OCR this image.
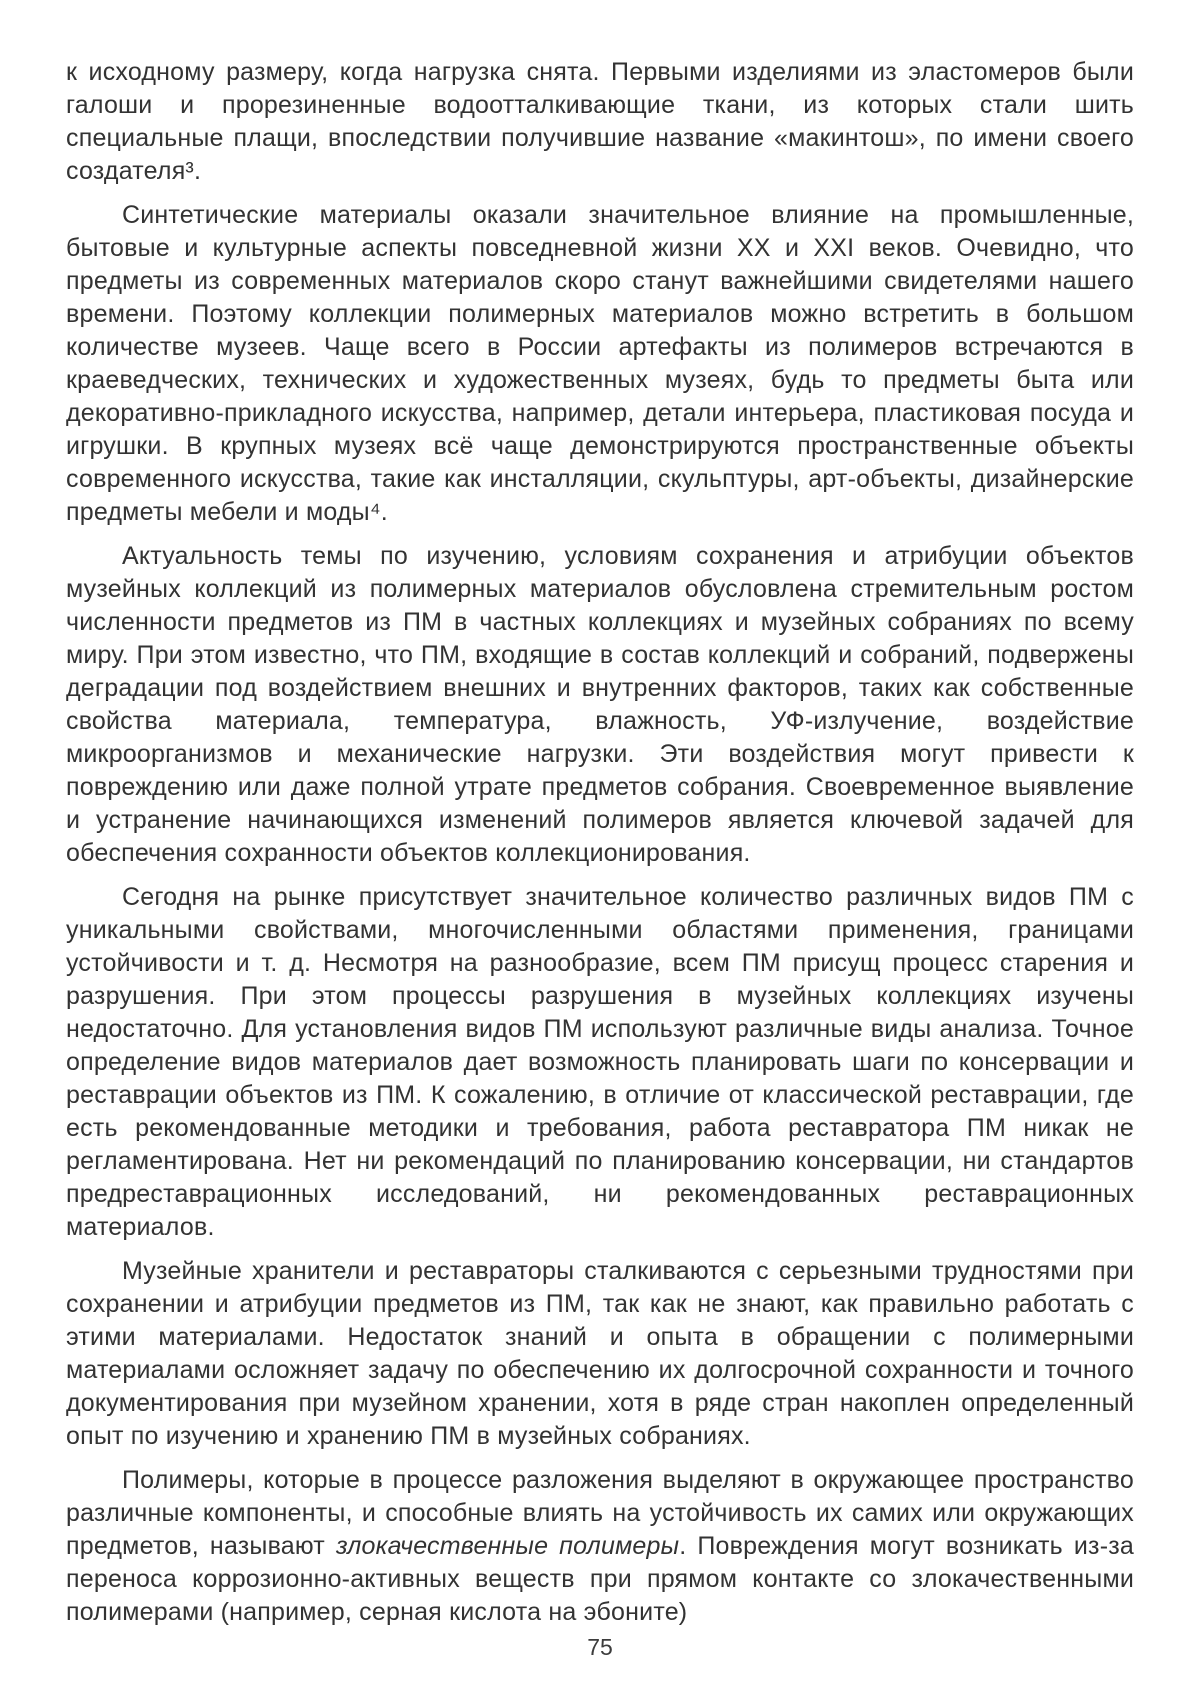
к исходному размеру, когда нагрузка снята. Первыми изделиями из эластомеров были галоши и прорезиненные водоотталкивающие ткани, из которых стали шить специальные плащи, впоследствии получившие название «макинтош», по имени своего создателя³.

Синтетические материалы оказали значительное влияние на промышленные, бытовые и культурные аспекты повседневной жизни XX и XXI веков. Очевидно, что предметы из современных материалов скоро станут важнейшими свидетелями нашего времени. Поэтому коллекции полимерных материалов можно встретить в большом количестве музеев. Чаще всего в России артефакты из полимеров встречаются в краеведческих, технических и художественных музеях, будь то предметы быта или декоративно-прикладного искусства, например, детали интерьера, пластиковая посуда и игрушки. В крупных музеях всё чаще демонстрируются пространственные объекты современного искусства, такие как инсталляции, скульптуры, арт-объекты, дизайнерские предметы мебели и моды⁴.

Актуальность темы по изучению, условиям сохранения и атрибуции объектов музейных коллекций из полимерных материалов обусловлена стремительным ростом численности предметов из ПМ в частных коллекциях и музейных собраниях по всему миру. При этом известно, что ПМ, входящие в состав коллекций и собраний, подвержены деградации под воздействием внешних и внутренних факторов, таких как собственные свойства материала, температура, влажность, УФ-излучение, воздействие микроорганизмов и механические нагрузки. Эти воздействия могут привести к повреждению или даже полной утрате предметов собрания. Своевременное выявление и устранение начинающихся изменений полимеров является ключевой задачей для обеспечения сохранности объектов коллекционирования.

Сегодня на рынке присутствует значительное количество различных видов ПМ с уникальными свойствами, многочисленными областями применения, границами устойчивости и т. д. Несмотря на разнообразие, всем ПМ присущ процесс старения и разрушения. При этом процессы разрушения в музейных коллекциях изучены недостаточно. Для установления видов ПМ используют различные виды анализа. Точное определение видов материалов дает возможность планировать шаги по консервации и реставрации объектов из ПМ. К сожалению, в отличие от классической реставрации, где есть рекомендованные методики и требования, работа реставратора ПМ никак не регламентирована. Нет ни рекомендаций по планированию консервации, ни стандартов предреставрационных исследований, ни рекомендованных реставрационных материалов.

Музейные хранители и реставраторы сталкиваются с серьезными трудностями при сохранении и атрибуции предметов из ПМ, так как не знают, как правильно работать с этими материалами. Недостаток знаний и опыта в обращении с полимерными материалами осложняет задачу по обеспечению их долгосрочной сохранности и точного документирования при музейном хранении, хотя в ряде стран накоплен определенный опыт по изучению и хранению ПМ в музейных собраниях.

Полимеры, которые в процессе разложения выделяют в окружающее пространство различные компоненты, и способные влиять на устойчивость их самих или окружающих предметов, называют злокачественные полимеры. Повреждения могут возникать из-за переноса коррозионно-активных веществ при прямом контакте со злокачественными полимерами (например, серная кислота на эбоните)

75
